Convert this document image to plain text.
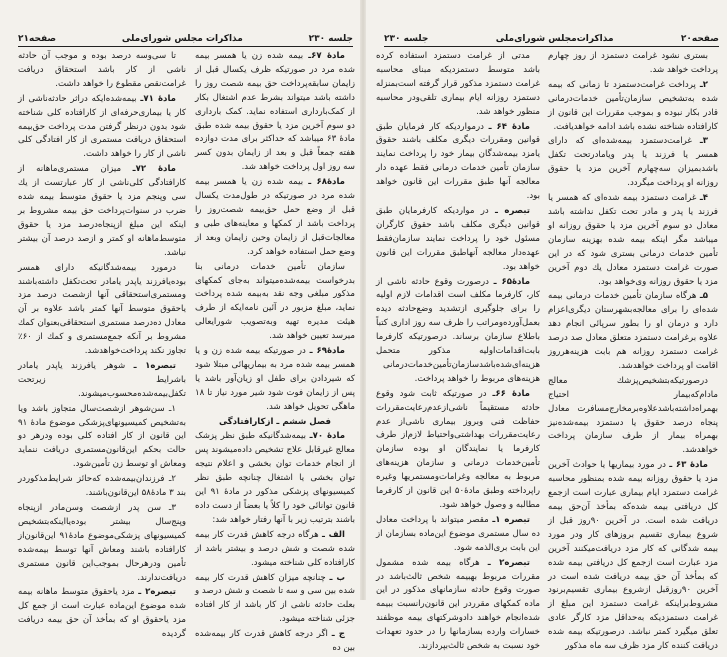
صفحه۲۱	مذاکرات مجلس شورای‌ملی	جلسه ۲۳۰

مادهٔ ۶۷ـ بیمه شده زن یا همسر بیمه شده مرد در صورتیکه ظرف یکسال قبل از زایمان سابقه‌پرداخت حق بیمه شصت روز را داشته باشد میتواند بشرط عدم اشتغال بکار از کمک‌بارداری استفاده نماید. کمک بارداری دو سوم آخرین مزد یا حقوق بیمه شده طبق مادهٔ ۶۳ میباشد که حداکثر برای مدت دوازده هفته جمعاً قبل و بعد از زایمان بدون کسر سه روز اول پرداخت خواهد شد.

مادهٔ۶۸ ـ بیمه شده زن یا همسر بیمه شده مرد در صورتیکه در طول‌مدت یکسال قبل از وضع حمل حق‌بیمه شصت‌روز را پرداخت باشد از کمکها و معاینه‌های طبی و معالجات‌قبل از زایمان وحین زایمان وبعد از وضع حمل استفاده خواهد کرد.

سازمان تأمین خدمات درمانی بنا بدرخواست بیمه‌شده‌میتواند به‌جای کمکهای مذکور مبلغی وجه نقد به‌بیمه شده پرداخت نماید، مبلغ مزبور در آئین نامه‌ایکه از طرف هیئت مدیره تهیه وبه‌تصویب شورایعالی میرسد تعیین خواهد شد.

مادهٔ۶۹ ـ در صورتیکه بیمه شده زن و یا همسر بیمه شده مرد به بیماریهائی مبتلا شود که شیردادن برای طفل او زیان‌آور باشد یا پس از زایمان فوت شود شیر مورد نیاز تا ۱۸ ماهگی تحویل خواهد شد.

فصل ششم ـ ازکارافتادگی

مادهٔ ۷۰ـ بیمه‌شدگانیکه طبق نظر پزشک معالج غیرقابل علاج تشخیص داده‌میشوند پس از انجام خدمات توان بخشی و اعلام نتیجه توان بخشی یا اشتغال چنانچه طبق نظر کمیسیونهای پزشکی مذکور در مادهٔ ۹۱ این قانون توانائی خود را کلاً یا بعضاً از دست داده باشند بترتیب زیر با آنها رفتار خواهد شد:

الف ـ هرگاه درجه کاهش قدرت کار بیمه شده شصت و شش درصد و بیشتر باشد از کارافتاده کلی شناخته میشود.

ب ـ چنانچه میزان کاهش قدرت کار بیمه شده بین سی و سه تا شصت و شش درصد و بعلت حادثه ناشی از کار باشد از کار افتاده جزئی شناخته میشود.

ج ـ اگر درجه کاهش قدرت کار بیمه‌شده بین ده

تا سی‌و‌سه درصد بوده و موجب آن حادثه ناشی از کار باشد استحقاق دریافت غرامت‌نقص مقطوع را خواهد داشت.

مادهٔ ۷۱ـ بیمه‌شده‌ایکه دراثر حادثه‌ناشی از کار یا بیماری‌حرفه‌ای از کارافتاده کلی شناخته شود بدون درنظر گرفتن مدت پرداخت حق‌بیمه استحقاق دریافت مستمری از کار افتادگی کلی ناشی از کار را خواهد داشت.

مادهٔ ۷۲ـ میزان مستمری‌ماهانه از کارافتادگی کلی‌ناشی از کار عبارتست از یك سی وپنجم مزد یا حقوق متوسط بیمه شده ضرب در سنوات‌پرداخت حق بیمه مشروط بر اینکه این مبلغ ازپنجاه‌درصد مزد یا حقوق متوسط‌ماهانه او کمتر و ازصد درصد آن بیشتر نباشد.

درمورد بیمه‌شدگانیکه دارای همسر بوده‌یافرزند یاپدر یامادر تحت‌تکفل داشته‌باشند ومستمری‌استحقاقی آنها ازشصت درصد مزد یاحقوق متوسط آنها کمتر باشد علاوه بر آن معادل ده‌درصد مستمری استحقاقی‌بعنوان کمك مشروط بر آنکه جمع‌مستمری و کمك از ۶۰٪ تجاوز نکند پرداخت‌خواهدشد.

تبصره۱ ـ شوهر یافرزند یاپدر یامادر باشرایط زیرتحت تکفل‌بیمه‌شده‌محسوب‌میشوند.

۱ـ سن‌شوهر ازشصت‌سال متجاوز باشد ویا به‌تشخیص کمیسیونهای‌پزشکی موضوع مادهٔ ۹۱ این قانون از کار افتاده کلی بوده ودرهر دو حالت بحکم این‌قانون‌مستمری دریافت ننماید ومعاش او توسط زن تأمین‌شود.

۲ـ فرزندان‌بیمه‌شده که‌حائز شرایط‌مذکوردر بند ۳ مادهٔ۵۸ این‌قانون‌باشند.

۳ـ سن پدر ازشصت وسن‌مادر ازپنجاه وپنج‌سال بیشتر بوده‌یا‌اینکه‌بتشخیص کمیسیونهای پزشکی‌موضوع مادهٔ۹۱ این‌قانون‌از کارافتاده باشند ومعاش آنها توسط بیمه‌شده تأمین ودرهرحال بموجب‌این قانون مستمری دریافت‌ندارند.

تبصره۲ ـ مزد یاحقوق متوسط ماهانه بیمه شده موضوع این‌ماده عبارت است از جمع کل مزد یاحقوق او که بمأخذ آن حق بیمه دریافت گردیده

جلسه ۲۳۰	مذاکرات‌مجلس شورای‌ملی	صفحه۲۰

بستری نشود غرامت دستمزد از روز چهارم پرداخت خواهد شد.

۲ـ پرداخت غرامت‌دستمزد تا زمانی که بیمه شده به‌تشخیص سازمان‌تأمین خدمات‌درمانی قادر بکار نبوده و بموجب مقررات این قانون از کارافتاده شناخته نشده باشد ادامه خواهدیافت.

۳ـ غرامت‌دستمزد بیمه‌شده‌ای که دارای همسر یا فرزند یا پدر ویامادرتحت تکفل باشدبمیزان سه‌چهارم آخرین مزد یا حقوق روزانه او پرداخت میگردد.

۴ـ غرامت دستمزد بیمه شده‌ای که همسر یا فرزند یا پدر و مادر تحت تکفل نداشته باشد معادل دو سوم آخرین مزد یا حقوق روزانه او میباشد مگر اینکه بیمه شده بهزینه سازمان تأمین خدمات درمانی بستری شود که در این صورت غرامت دستمزد معادل یك دوم آخرین مزد یا حقوق روزانه وی‌خواهد بود.

۵ـ هرگاه سازمان تأمین خدمات درمانی بیمه شده‌ای را برای معالجه‌بشهرستان دیگری‌اعزام دارد و درمان او را بطور سرپائی انجام دهد علاوه برغرامت دستمزد متعلق معادل صد درصد غرامت دستمزد روزانه هم بابت هزینه‌هرروز اقامت او پرداخت خواهدشد.

درصورتیکه‌بتشخیص‌پزشك معالج مادام‌که‌بیمار احتیاج بهمراه‌داشته‌باشدعلاوه‌برمخارج‌مسافرت معادل پنجاه درصد حقوق یا دستمزد بیمه‌شده‌نیز بهمراه بیمار از طرف سازمان پرداخت خواهدشد.

مادهٔ ۶۳ ـ در مورد بیماریها یا حوادث آخرین مزد یا حقوق روزانه بیمه شده بمنظور محاسبه غرامت دستمزد ایام بیماری عبارت است ازجمع کل دریافتی بیمه شده‌که بمأخذ آن‌حق بیمه دریافت شده است. در آخرین ۹۰روز قبل از شروع بیماری تقسیم بروزهای کار ودر مورد بیمه شدگانی که کار مزد دریافت‌میکنند آخرین مزد عبارت است ازجمع کل دریافتی بیمه شده که بمأخذ آن حق بیمه دریافت شده است در آخرین ۹۰روزقبل ازشروع بیماری تقسیم‌برنود مشروط‌براینکه غرامت دستمزد این مبلغ از غرامت دستمزدیکه به‌حداقل مزد کارگر عادی تعلق میگیرد کمتر نباشد. درصورتیکه بیمه شده دریافت کننده کار مزد ظرف سه ماه مذکور

مدتی از غرامت دستمزد استفاده کرده باشد متوسط دستمزدیکه مبنای محاسبه غرامت دستمزد مذکور قرار گرفته است‌بمنزله دستمزد روزانه ایام بیماری تلقی‌ودر محاسبه منظور خواهد شد.

مادهٔ ۶۴ ـ درمواردیکه کار فرمایان طبق قوانین ومقررات دیگری مکلف باشند حقوق یا‌مزد بیمه‌شدگان بیمار خود را پرداخت نمایند سازمان تأمین خدمات درمانی فقط عهده دار معالجه آنها طبق مقررات این قانون خواهد بود.

تبصره ـ در مواردیکه کارفرمایان طبق قوانین دیگری مکلف باشد حقوق کارگران مسئول خود را پرداخت نمایند سازمان‌فقط عهده‌دار معالجه آنهاطبق مقررات این قانون خواهد بود.

مادهٔ۶۵ ـ درصورت وقوع حادثه ناشی از کار، کارفرما مکلف است اقدامات لازم اولیه را برای جلوگیری ازتشدید وضع‌حادثه دیده بعمل‌آورده‌ومراتب را ظرف سه روز اداری کتباً باطلاع سازمان برساند. درصورتیکه کارفرما بابت‌اقدامات‌اولیه مذکور متحمل هزینه‌ای‌شده‌باشدسازمان‌تأمین‌خدمات‌درمانی هزینه‌های مربوط را خواهد پرداخت.

مادهٔ ۶۶ـ در صورتیکه ثابت شود وقوع حادثه مستقیماً ناشی‌ازعدم‌رعایت‌مقررات حفاظت فنی وبروز بیماری ناشی‌از عدم رعایت‌مقررات بهداشتی‌واحتیاط لازم‌از طرف کارفرما یا نمایندگان او بوده سازمان تأمین‌خدمات درمانی و سازمان هزینه‌های مربوط به معالجه وغرامات‌ومستمریها وغیره را‌پرداخته وطبق مادهٔ۵۰ این قانون از کارفرما مطالبه و وصول خواهد شود.

تبصره ۱ـ مقصر میتواند با پرداخت معادل ده سال مستمری موضوع این‌ماده بسازمان از این بابت بری‌الذمه شود.

تبصره۲ ـ هرگاه بیمه شده مشمول مقررات مربوط بهبیمه شخص ثالث‌باشد در صورت وقوع حادثه سازمانهای مذکور در این ماده کمکهای مقرردر این قانون‌رانسبت ببیمه شده‌انجام خواهند داد‌وشرکتهای بیمه موظفند خسارات وارده بسازمانها را در حدود تعهدات خود نسبت به شخص ثالث‌بپردازند.
